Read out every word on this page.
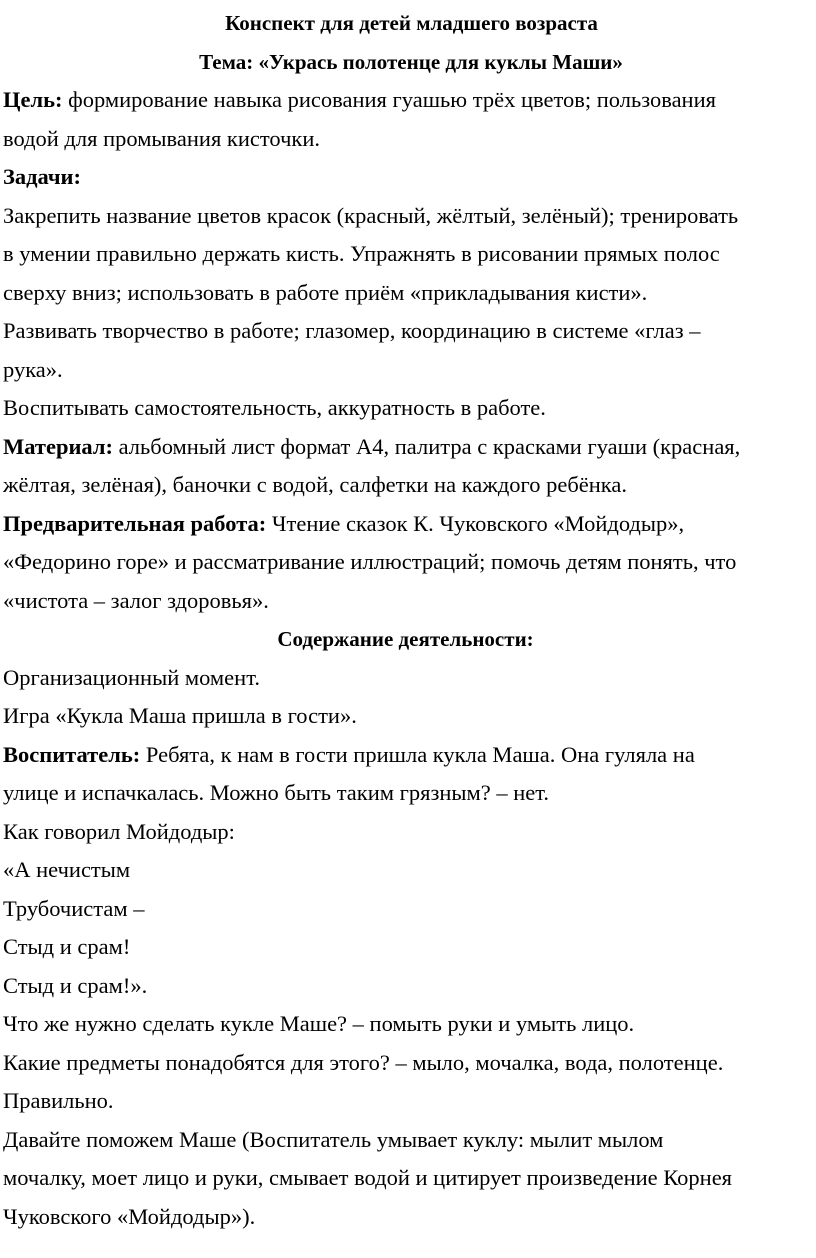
Конспект для детей младшего возраста

Тема: «Укрась полотенце для куклы Маши»

Цель: формирование навыка рисования гуашью трёх цветов; пользования

водой для промывания кисточки.

Задачи:

Закрепить название цветов красок (красный, жёлтый, зелёный); тренировать

в умении правильно держать кисть. Упражнять в рисовании прямых полос

сверху вниз; использовать в работе приём «прикладывания кисти».

Развивать творчество в работе; глазомер, координацию в системе «глаз –

рука».

Воспитывать самостоятельность, аккуратность в работе.

Материал: альбомный лист формат А4, палитра с красками гуаши (красная,

жёлтая, зелёная), баночки с водой, салфетки на каждого ребёнка.

Предварительная работа: Чтение сказок К. Чуковского «Мойдодыр»,

«Федорино горе» и рассматривание иллюстраций; помочь детям понять, что

«чистота – залог здоровья».

Содержание деятельности:

Организационный момент.

Игра «Кукла Маша пришла в гости».

Воспитатель: Ребята, к нам в гости пришла кукла Маша. Она гуляла на

улице и испачкалась. Можно быть таким грязным? – нет.

Как говорил Мойдодыр:

«А нечистым

Трубочистам –

Стыд и срам!

Стыд и срам!».

Что же нужно сделать кукле Маше? – помыть руки и умыть лицо.

Какие предметы понадобятся для этого? – мыло, мочалка, вода, полотенце.

Правильно.

Давайте поможем Маше (Воспитатель умывает куклу: мылит мылом

мочалку, моет лицо и руки, смывает водой и цитирует произведение Корнея

Чуковского «Мойдодыр»).
